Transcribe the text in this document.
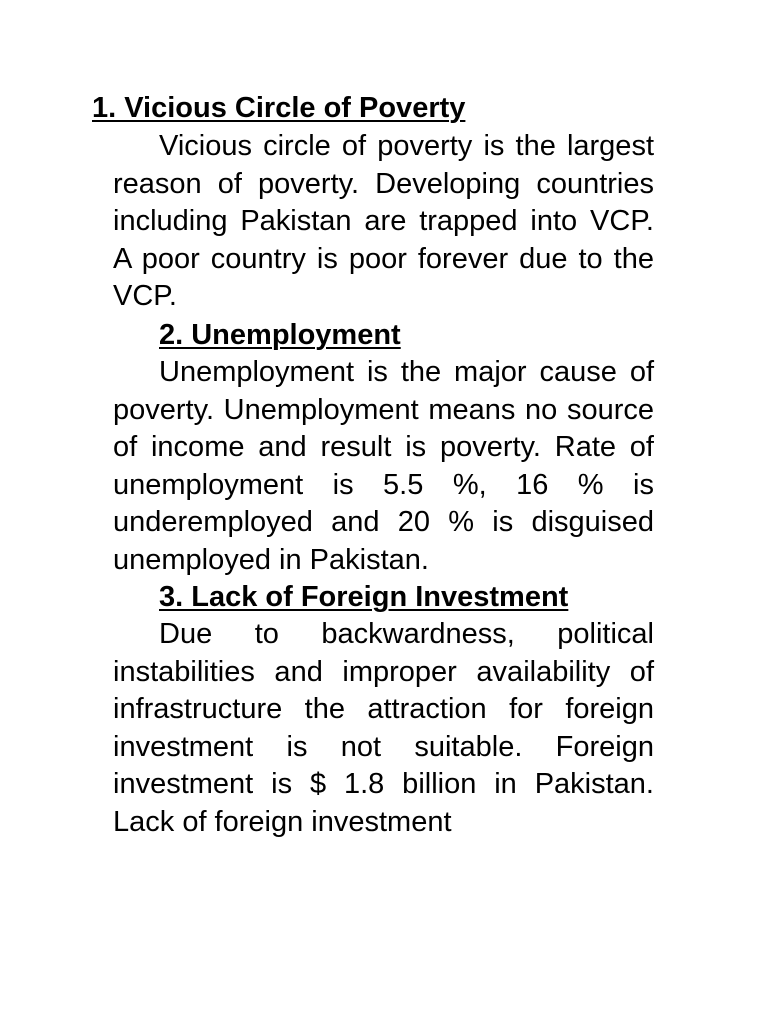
1. Vicious Circle of Poverty

Vicious circle of poverty is the largest reason of poverty. Developing countries including Pakistan are trapped into VCP. A poor country is poor forever due to the VCP.

2. Unemployment

Unemployment is the major cause of poverty. Unemployment means no source of income and result is poverty. Rate of unemployment is 5.5 %, 16 % is underemployed and 20 % is disguised unemployed in Pakistan.

3. Lack of Foreign Investment

Due to backwardness, political instabilities and improper availability of infrastructure the attraction for foreign investment is not suitable. Foreign investment is $ 1.8 billion in Pakistan. Lack of foreign investment
